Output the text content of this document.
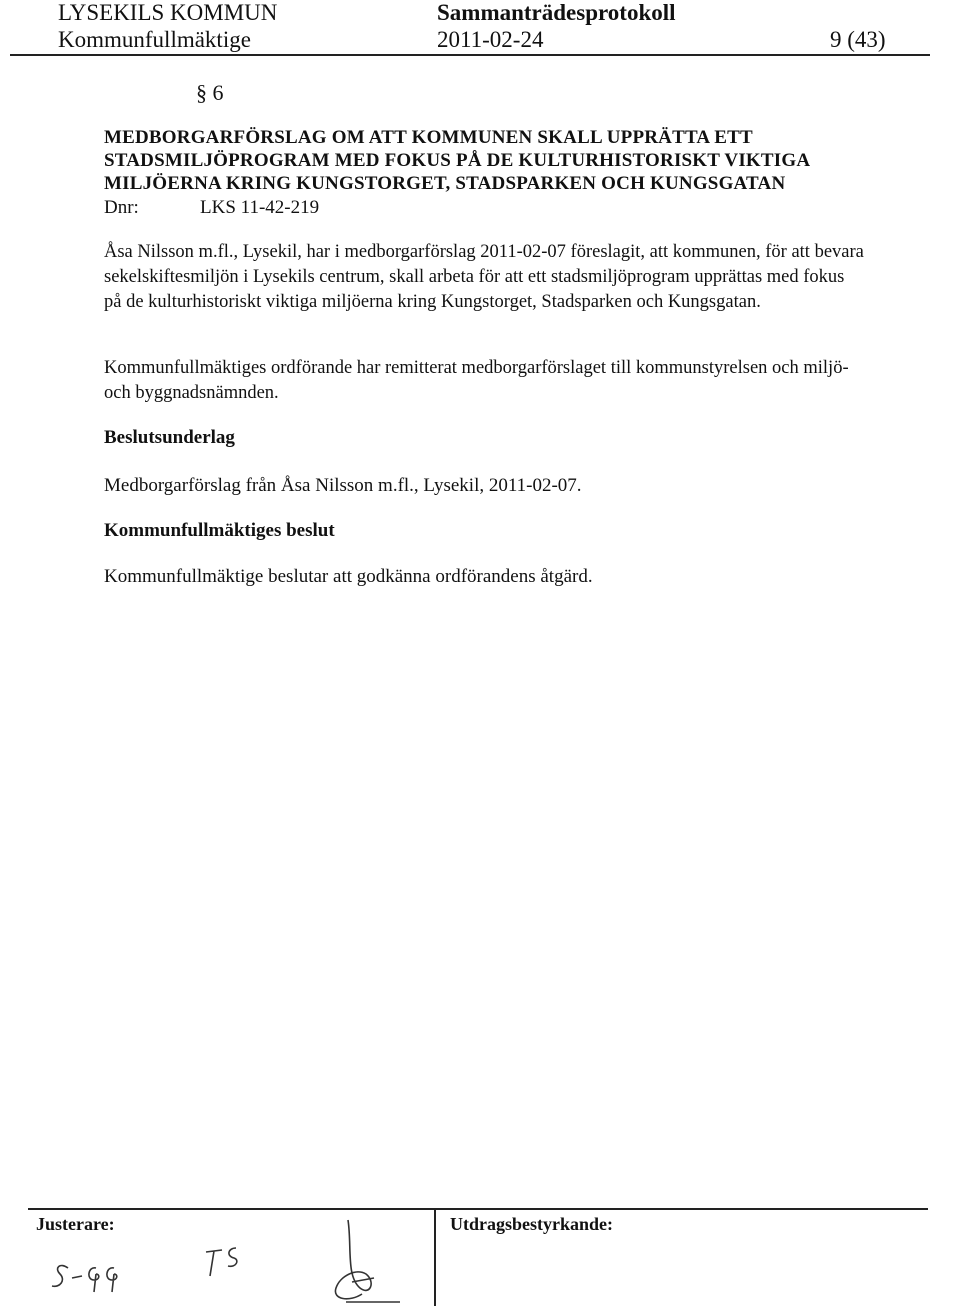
LYSEKILS KOMMUN
Kommunfullmäktige
Sammanträdesprotokoll
2011-02-24	9 (43)
§ 6
MEDBORGARFÖRSLAG OM ATT KOMMUNEN SKALL UPPRÄTTA ETT
STADSMILJÖPROGRAM MED FOKUS PÅ DE KULTURHISTORISKT VIKTIGA
MILJÖERNA KRING KUNGSTORGET, STADSPARKEN OCH KUNGSGATAN
Dnr:	LKS 11-42-219
Åsa Nilsson m.fl., Lysekil, har i medborgarförslag 2011-02-07 föreslagit, att kommunen, för att bevara sekelskiftesmiljön i Lysekils centrum, skall arbeta för att ett stadsmiljöprogram upprättas med fokus på de kulturhistoriskt viktiga miljöerna kring Kungstorget, Stadsparken och Kungsgatan.
Kommunfullmäktiges ordförande har remitterat medborgarförslaget till kommunstyrelsen och miljö- och byggnadsnämnden.
Beslutsunderlag
Medborgarförslag från Åsa Nilsson m.fl., Lysekil, 2011-02-07.
Kommunfullmäktiges beslut
Kommunfullmäktige beslutar att godkänna ordförandens åtgärd.
Justerare:	Utdragsbestyrkande:
